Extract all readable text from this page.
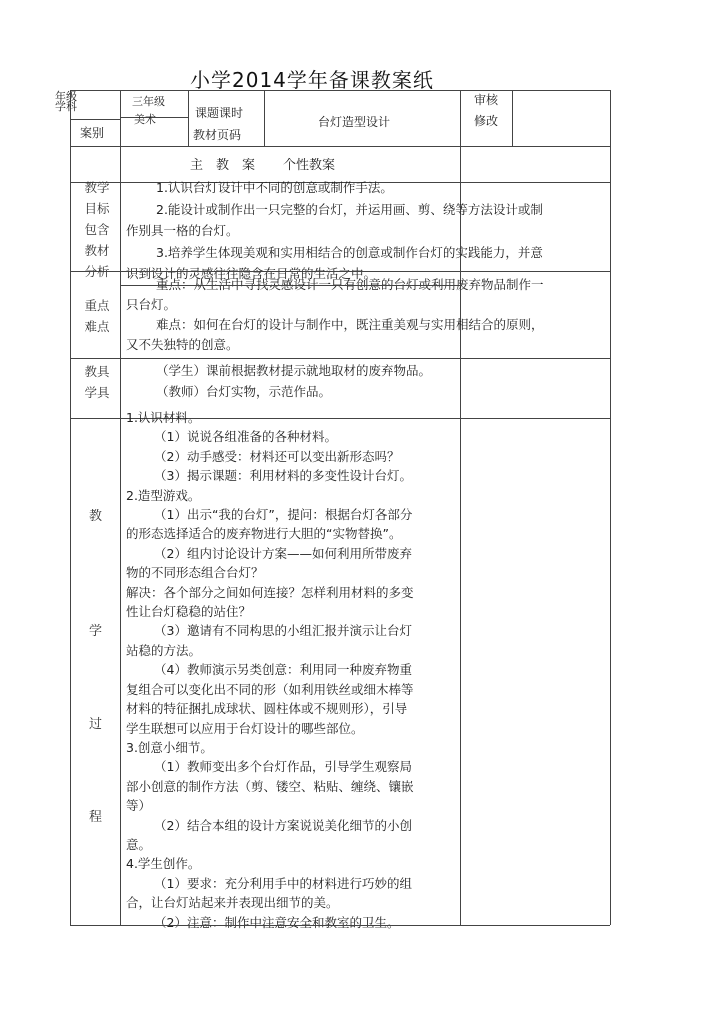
小学2014学年备课教案纸
年级
学科	三年级
美术
案别
课题课时
教材页码
台灯造型设计
审核
修改
主　教　案 个性教案
教学
目标
包含
教材
分析
1.认识台灯设计中不同的创意或制作手法。
2.能设计或制作出一只完整的台灯，并运用画、剪、绕等方法设计或制
作别具一格的台灯。
3.培养学生体现美观和实用相结合的创意或制作台灯的实践能力，并意
识到设计的灵感往往隐含在日常的生活之中。
重点
难点
重点：从生活中寻找灵感设计一只有创意的台灯或利用废弃物品制作一
只台灯。
难点：如何在台灯的设计与制作中，既注重美观与实用相结合的原则，
又不失独特的创意。
教具
学具
（学生）课前根据教材提示就地取材的废弃物品。
（教师）台灯实物，示范作品。
教
学
过
程
1.认识材料。
（1）说说各组准备的各种材料。
（2）动手感受：材料还可以变出新形态吗？
（3）揭示课题：利用材料的多变性设计台灯。
2.造型游戏。
（1）出示“我的台灯”，提问：根据台灯各部分
的形态选择适合的废弃物进行大胆的“实物替换”。
（2）组内讨论设计方案——如何利用所带废弃
物的不同形态组合台灯？
解决：各个部分之间如何连接？怎样利用材料的多变
性让台灯稳稳的站住？
（3）邀请有不同构思的小组汇报并演示让台灯
站稳的方法。
（4）教师演示另类创意：利用同一种废弃物重
复组合可以变化出不同的形（如利用铁丝或细木棒等
材料的特征捆扎成球状、圆柱体或不规则形），引导
学生联想可以应用于台灯设计的哪些部位。
3.创意小细节。
（1）教师变出多个台灯作品，引导学生观察局
部小创意的制作方法（剪、镂空、粘贴、缠绕、镶嵌
等）
（2）结合本组的设计方案说说美化细节的小创
意。
4.学生创作。
（1）要求：充分利用手中的材料进行巧妙的组
合，让台灯站起来并表现出细节的美。
（2）注意：制作中注意安全和教室的卫生。
